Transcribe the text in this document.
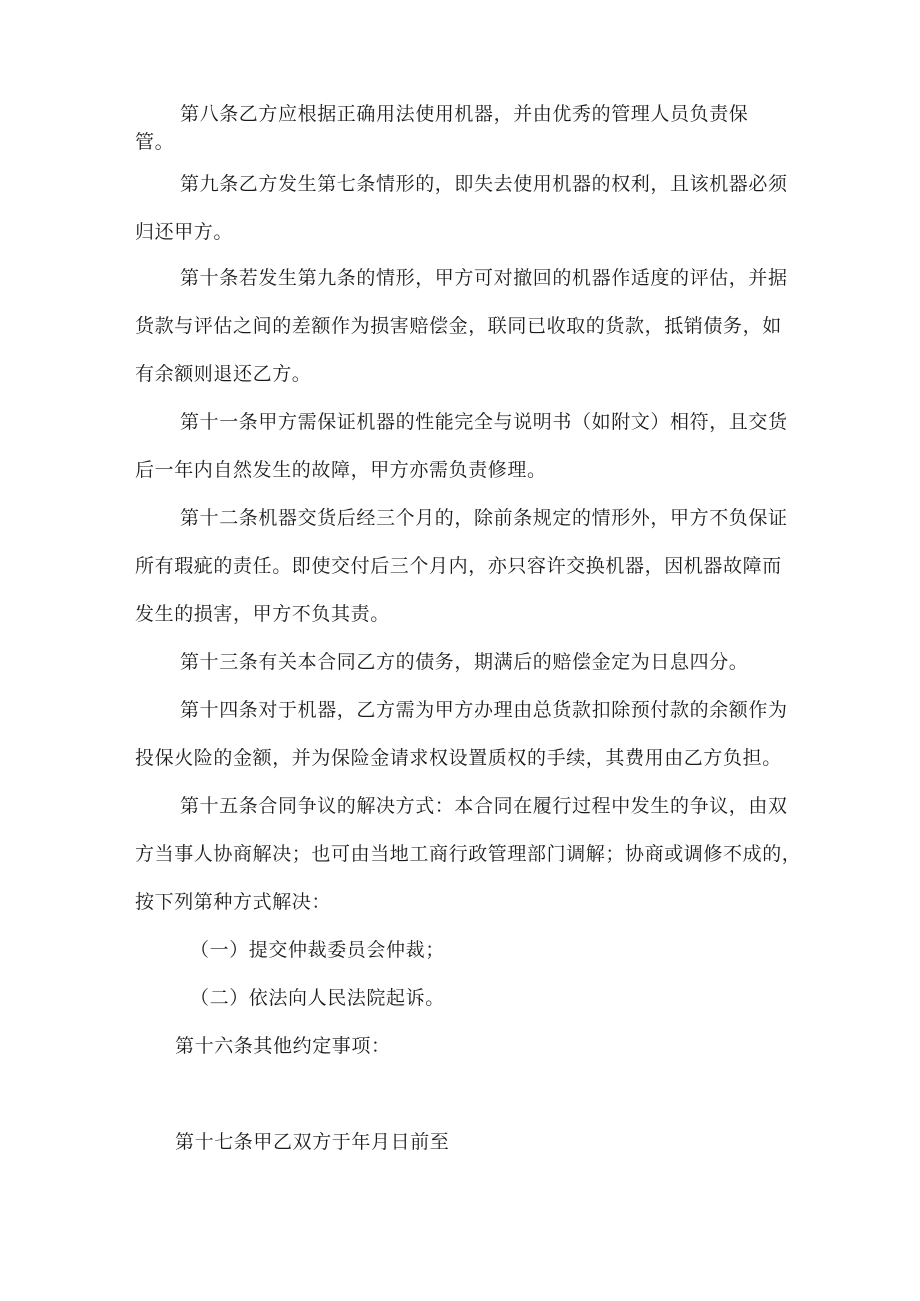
第八条乙方应根据正确用法使用机器，并由优秀的管理人员负责保
管。
第九条乙方发生第七条情形的，即失去使用机器的权利，且该机器必须
归还甲方。
第十条若发生第九条的情形，甲方可对撤回的机器作适度的评估，并据
货款与评估之间的差额作为损害赔偿金，联同已收取的货款，抵销债务，如
有余额则退还乙方。
第十一条甲方需保证机器的性能完全与说明书（如附文）相符，且交货
后一年内自然发生的故障，甲方亦需负责修理。
第十二条机器交货后经三个月的，除前条规定的情形外，甲方不负保证
所有瑕疵的责任。即使交付后三个月内，亦只容许交换机器，因机器故障而
发生的损害，甲方不负其责。
第十三条有关本合同乙方的债务，期满后的赔偿金定为日息四分。
第十四条对于机器，乙方需为甲方办理由总货款扣除预付款的余额作为
投保火险的金额，并为保险金请求权设置质权的手续，其费用由乙方负担。
第十五条合同争议的解决方式：本合同在履行过程中发生的争议，由双
方当事人协商解决；也可由当地工商行政管理部门调解；协商或调修不成的，
按下列第种方式解决：
（一）提交仲裁委员会仲裁；
（二）依法向人民法院起诉。
第十六条其他约定事项：
第十七条甲乙双方于年月日前至
